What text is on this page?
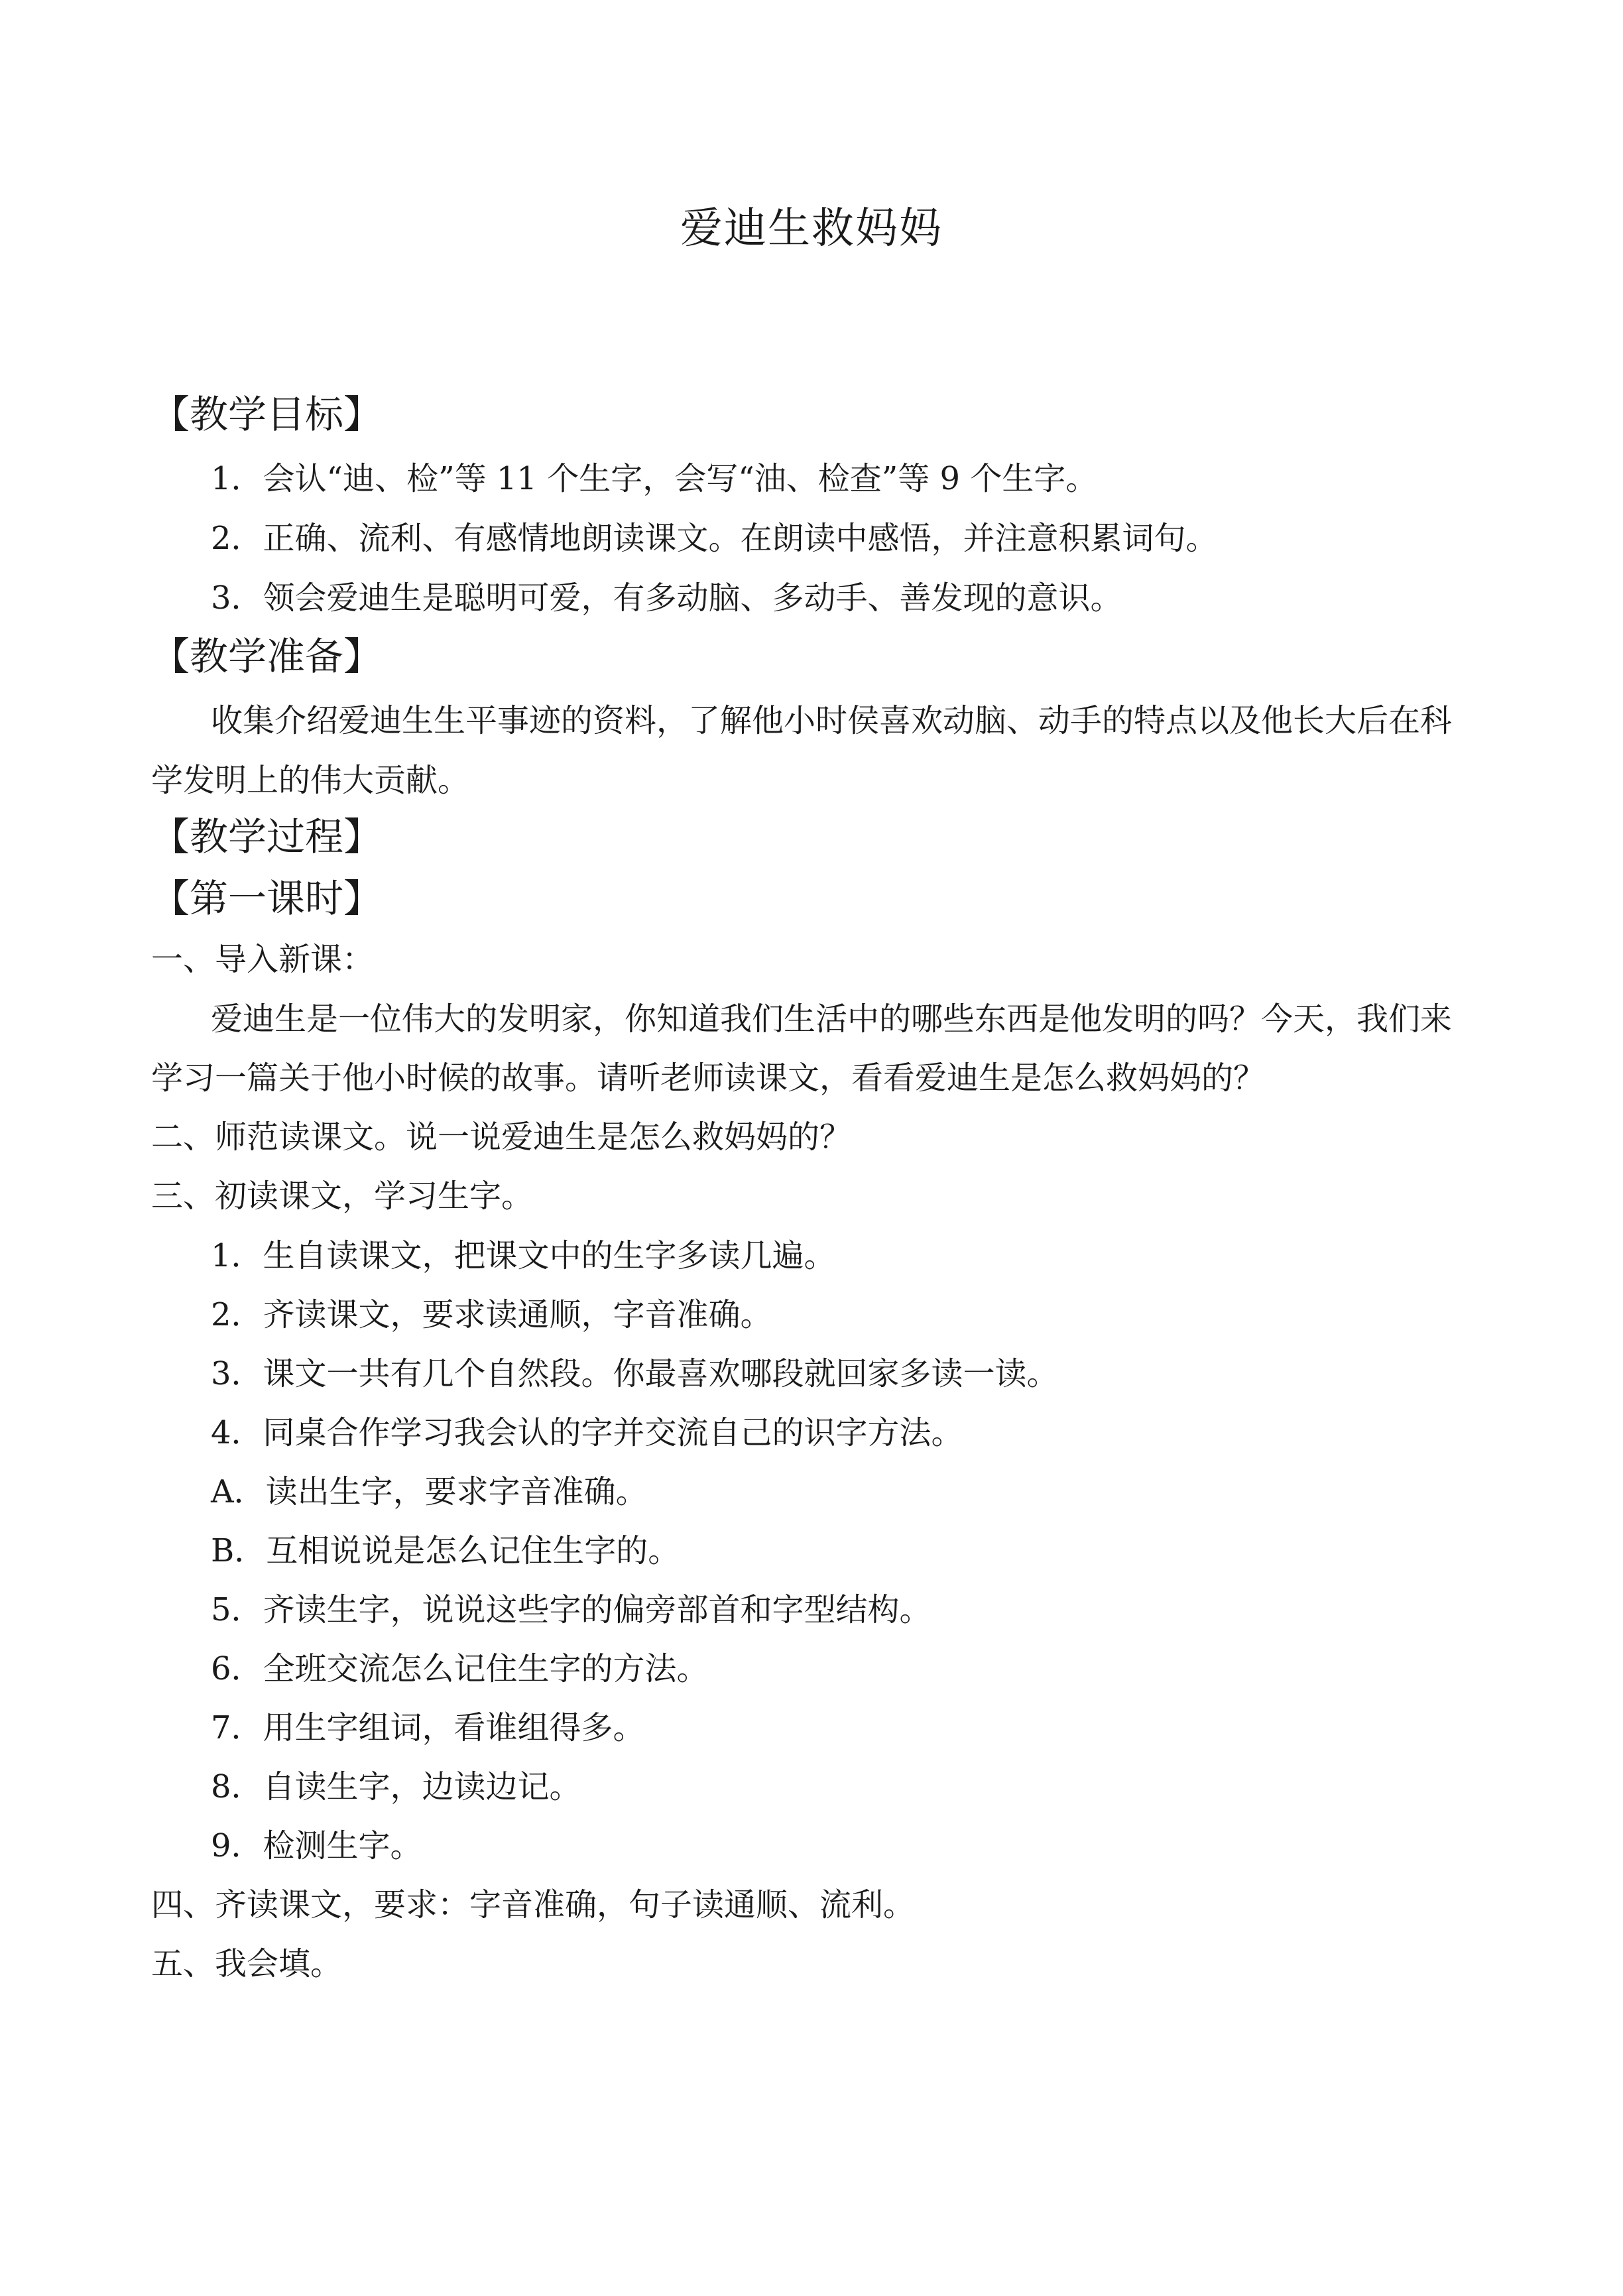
爱迪生救妈妈
【教学目标】
1．会认“迪、检”等 11 个生字，会写“油、检查”等 9 个生字。
2．正确、流利、有感情地朗读课文。在朗读中感悟，并注意积累词句。
3．领会爱迪生是聪明可爱，有多动脑、多动手、善发现的意识。
【教学准备】
收集介绍爱迪生生平事迹的资料，了解他小时侯喜欢动脑、动手的特点以及他长大后在科
学发明上的伟大贡献。
【教学过程】
【第一课时】
一、导入新课：
爱迪生是一位伟大的发明家，你知道我们生活中的哪些东西是他发明的吗？今天，我们来
学习一篇关于他小时候的故事。请听老师读课文，看看爱迪生是怎么救妈妈的？
二、师范读课文。说一说爱迪生是怎么救妈妈的？
三、初读课文，学习生字。
1．生自读课文，把课文中的生字多读几遍。
2．齐读课文，要求读通顺，字音准确。
3．课文一共有几个自然段。你最喜欢哪段就回家多读一读。
4．同桌合作学习我会认的字并交流自己的识字方法。
A．读出生字，要求字音准确。
B．互相说说是怎么记住生字的。
5．齐读生字，说说这些字的偏旁部首和字型结构。
6．全班交流怎么记住生字的方法。
7．用生字组词，看谁组得多。
8．自读生字，边读边记。
9．检测生字。
四、齐读课文，要求：字音准确，句子读通顺、流利。
五、我会填。
